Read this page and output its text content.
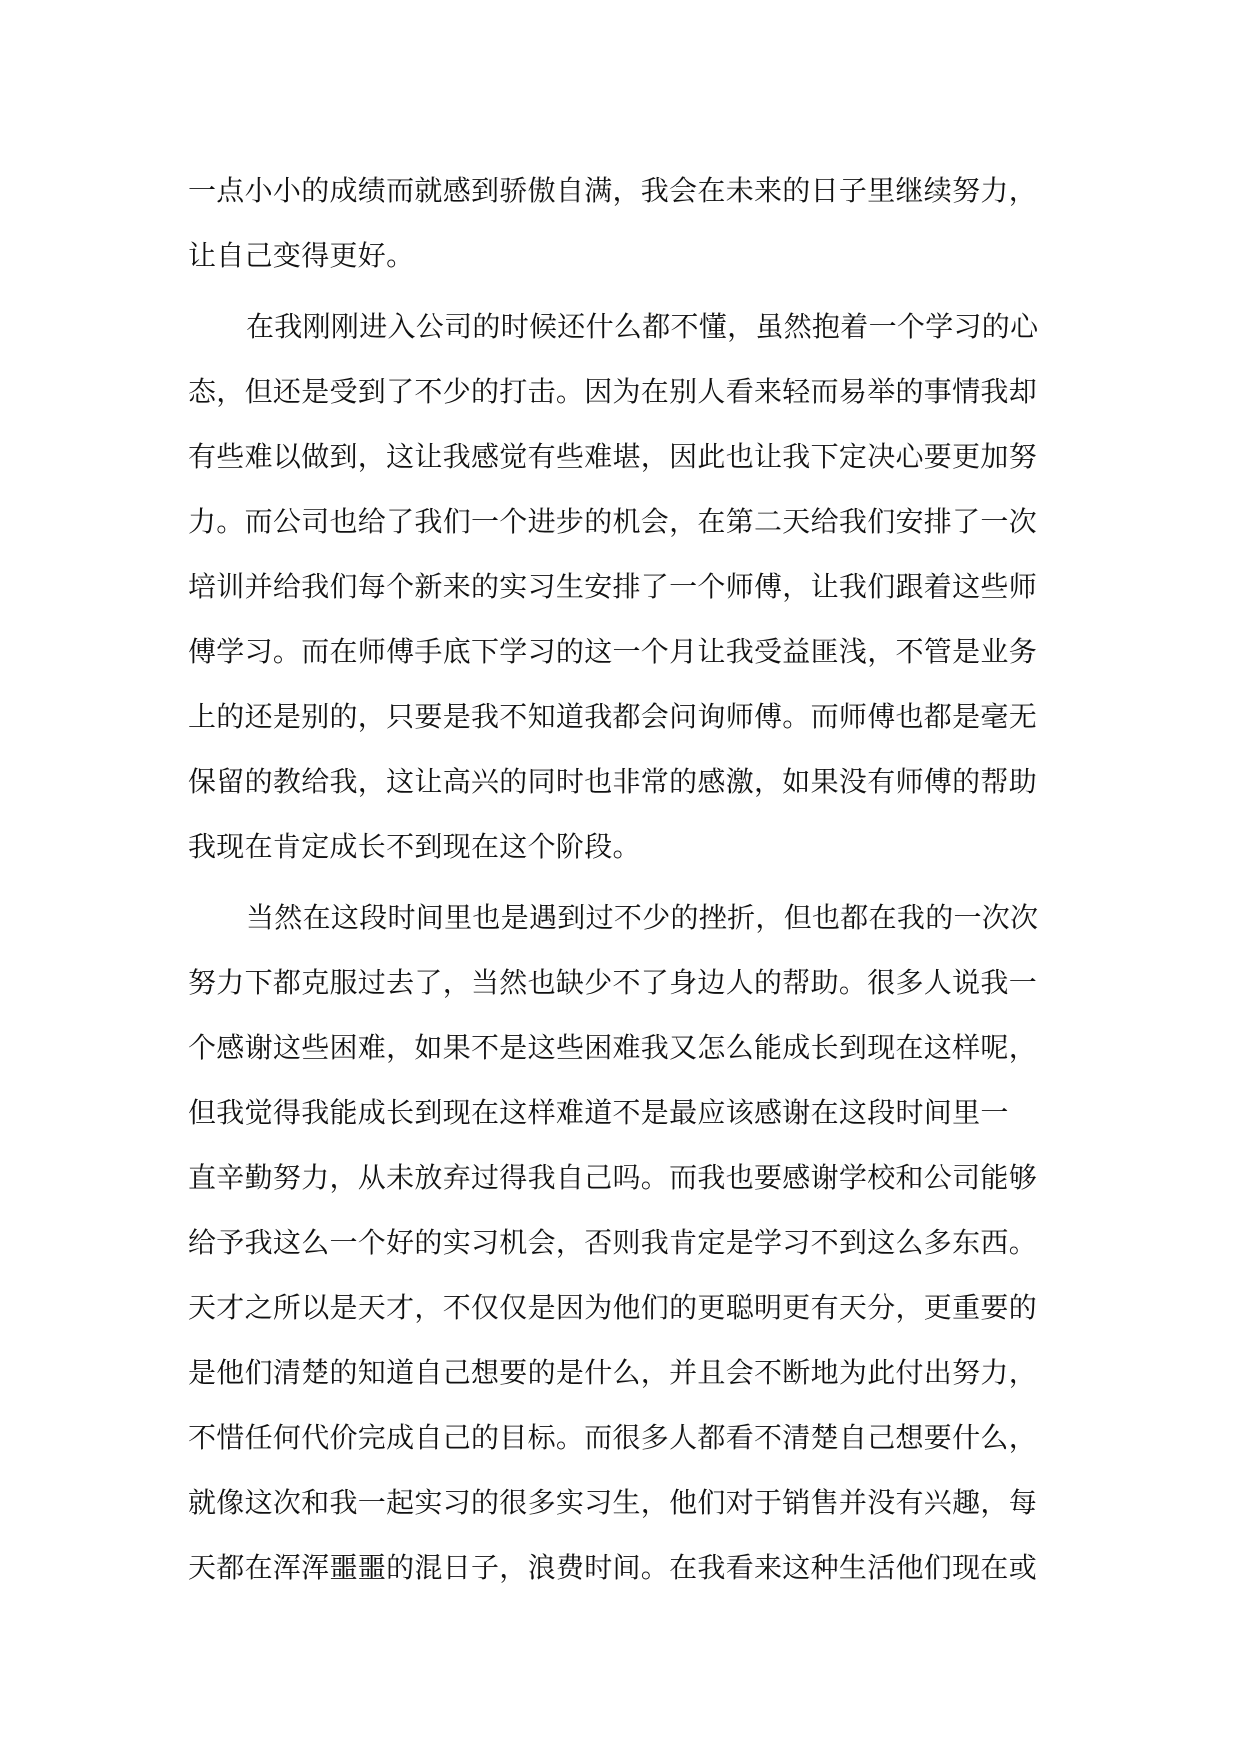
一点小小的成绩而就感到骄傲自满，我会在未来的日子里继续努力，
让自己变得更好。
在我刚刚进入公司的时候还什么都不懂，虽然抱着一个学习的心
态，但还是受到了不少的打击。因为在别人看来轻而易举的事情我却
有些难以做到，这让我感觉有些难堪，因此也让我下定决心要更加努
力。而公司也给了我们一个进步的机会，在第二天给我们安排了一次
培训并给我们每个新来的实习生安排了一个师傅，让我们跟着这些师
傅学习。而在师傅手底下学习的这一个月让我受益匪浅，不管是业务
上的还是别的，只要是我不知道我都会问询师傅。而师傅也都是毫无
保留的教给我，这让高兴的同时也非常的感激，如果没有师傅的帮助
我现在肯定成长不到现在这个阶段。
当然在这段时间里也是遇到过不少的挫折，但也都在我的一次次
努力下都克服过去了，当然也缺少不了身边人的帮助。很多人说我一
个感谢这些困难，如果不是这些困难我又怎么能成长到现在这样呢，
但我觉得我能成长到现在这样难道不是最应该感谢在这段时间里一
直辛勤努力，从未放弃过得我自己吗。而我也要感谢学校和公司能够
给予我这么一个好的实习机会，否则我肯定是学习不到这么多东西。
天才之所以是天才，不仅仅是因为他们的更聪明更有天分，更重要的
是他们清楚的知道自己想要的是什么，并且会不断地为此付出努力，
不惜任何代价完成自己的目标。而很多人都看不清楚自己想要什么，
就像这次和我一起实习的很多实习生，他们对于销售并没有兴趣，每
天都在浑浑噩噩的混日子，浪费时间。在我看来这种生活他们现在或
